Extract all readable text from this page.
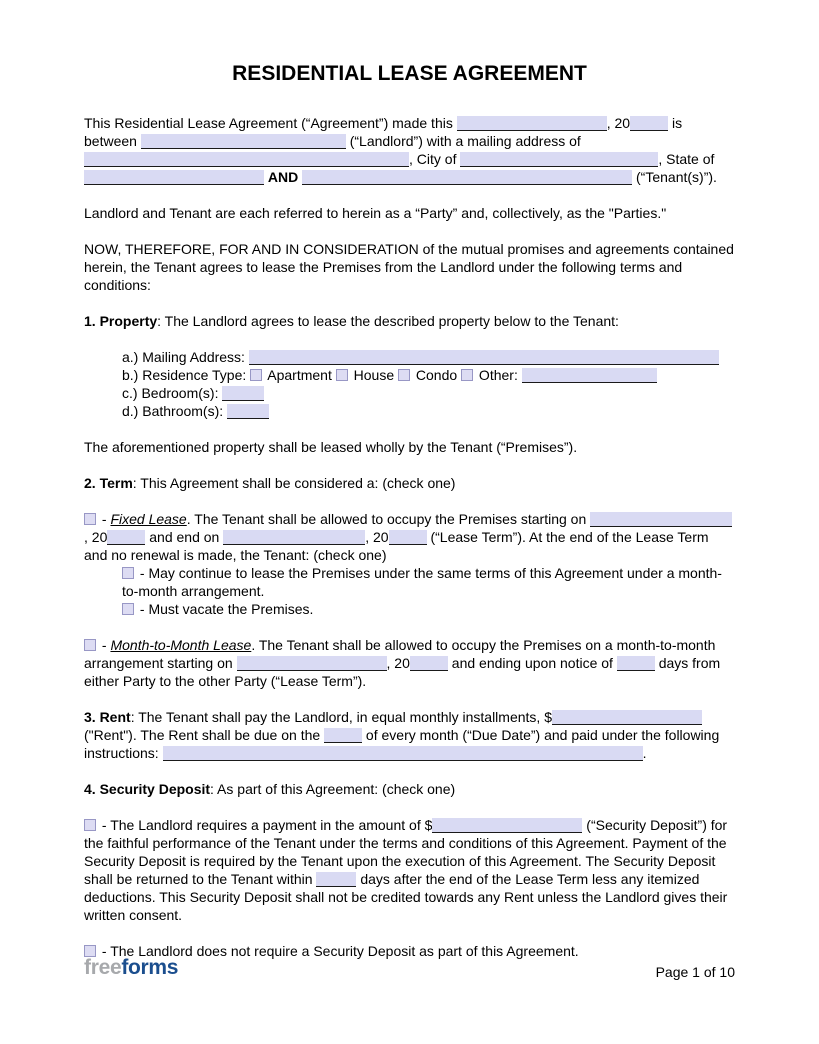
RESIDENTIAL LEASE AGREEMENT
This Residential Lease Agreement (“Agreement”) made this	, 20	is between	(“Landlord”) with a mailing address of , City of	, State of  AND	(“Tenant(s)”).
Landlord and Tenant are each referred to herein as a “Party” and, collectively, as the "Parties."
NOW, THEREFORE, FOR AND IN CONSIDERATION of the mutual promises and agreements contained herein, the Tenant agrees to lease the Premises from the Landlord under the following terms and conditions:
1. Property: The Landlord agrees to lease the described property below to the Tenant:
a.) Mailing Address:
b.) Residence Type:  Apartment  House  Condo  Other:
c.) Bedroom(s):
d.) Bathroom(s):
The aforementioned property shall be leased wholly by the Tenant (“Premises”).
2. Term: This Agreement shall be considered a: (check one)
- Fixed Lease. The Tenant shall be allowed to occupy the Premises starting on , 20	and end on	, 20	(“Lease Term”). At the end of the Lease Term and no renewal is made, the Tenant: (check one)
- May continue to lease the Premises under the same terms of this Agreement under a month-to-month arrangement.
- Must vacate the Premises.
- Month-to-Month Lease. The Tenant shall be allowed to occupy the Premises on a month-to-month arrangement starting on	, 20	and ending upon notice of	days from either Party to the other Party (“Lease Term”).
3. Rent: The Tenant shall pay the Landlord, in equal monthly installments, $ ("Rent"). The Rent shall be due on the	of every month (“Due Date”) and paid under the following instructions:	.
4. Security Deposit: As part of this Agreement: (check one)
- The Landlord requires a payment in the amount of $	(“Security Deposit”) for the faithful performance of the Tenant under the terms and conditions of this Agreement. Payment of the Security Deposit is required by the Tenant upon the execution of this Agreement. The Security Deposit shall be returned to the Tenant within	days after the end of the Lease Term less any itemized deductions. This Security Deposit shall not be credited towards any Rent unless the Landlord gives their written consent.
- The Landlord does not require a Security Deposit as part of this Agreement.
freeforms	Page 1 of 10
